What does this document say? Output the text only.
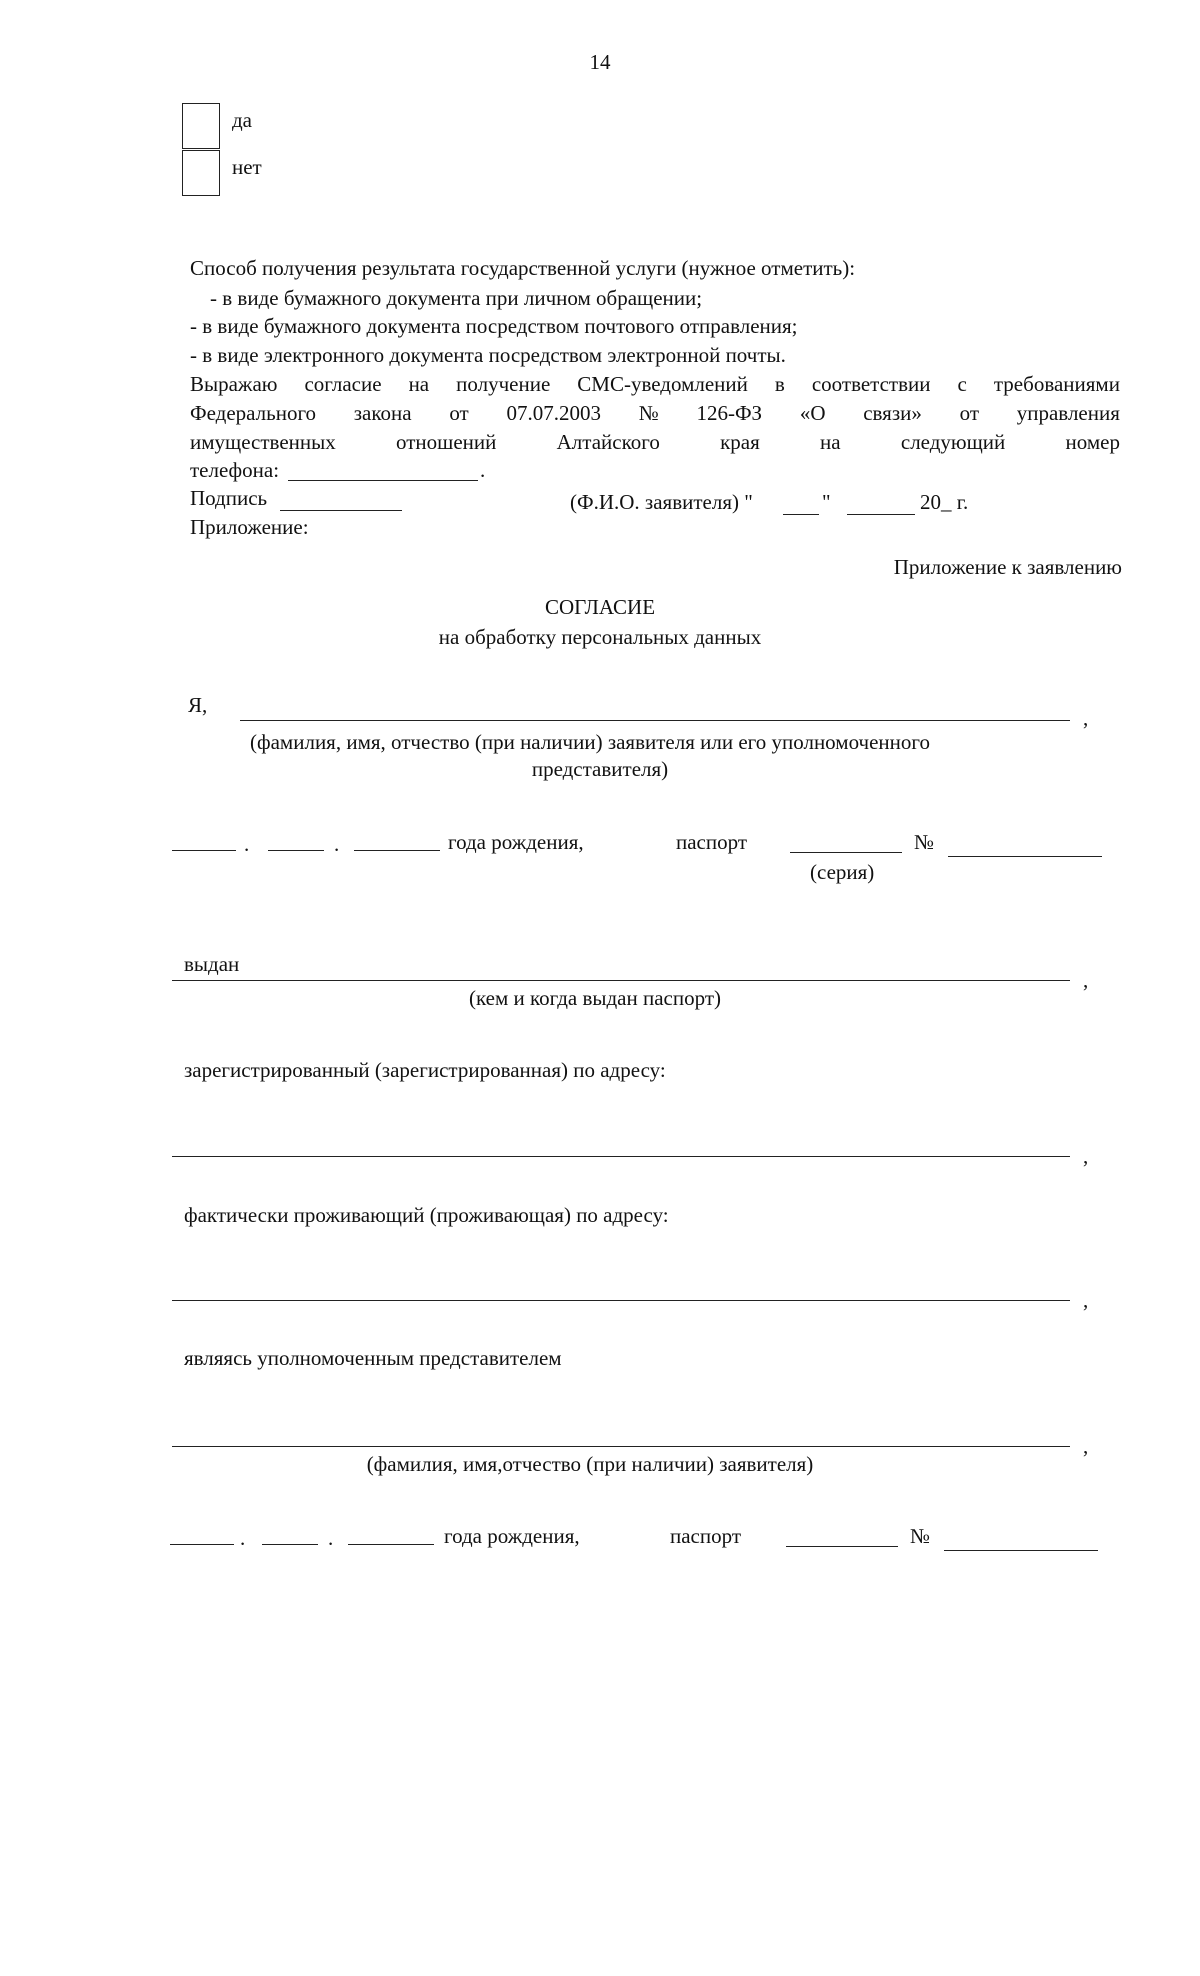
14
да
нет
Способ получения результата государственной услуги (нужное отметить):
- в виде бумажного документа при личном обращении;
- в виде бумажного документа посредством почтового отправления;
- в виде электронного документа посредством электронной почты.
Выражаю согласие на получение СМС-уведомлений в соответствии с требованиями
Федерального закона от 07.07.2003 № 126-ФЗ «О связи» от управления
имущественных	отношений	Алтайского	края	на	следующий	номер
телефона:	.
Подпись	(Ф.И.О. заявителя) "	"	20_ г.
Приложение:
Приложение к заявлению
СОГЛАСИЕ
на обработку персональных данных
Я,
,
(фамилия, имя, отчество (при наличии) заявителя или его уполномоченного
представителя)
.	.	года рождения,	паспорт	№
(серия)
выдан
,
(кем и когда выдан паспорт)
зарегистрированный (зарегистрированная) по адресу:
,
фактически проживающий (проживающая) по адресу:
,
являясь уполномоченным представителем
,
(фамилия, имя,отчество (при наличии) заявителя)
.	.	года рождения,	паспорт	№
